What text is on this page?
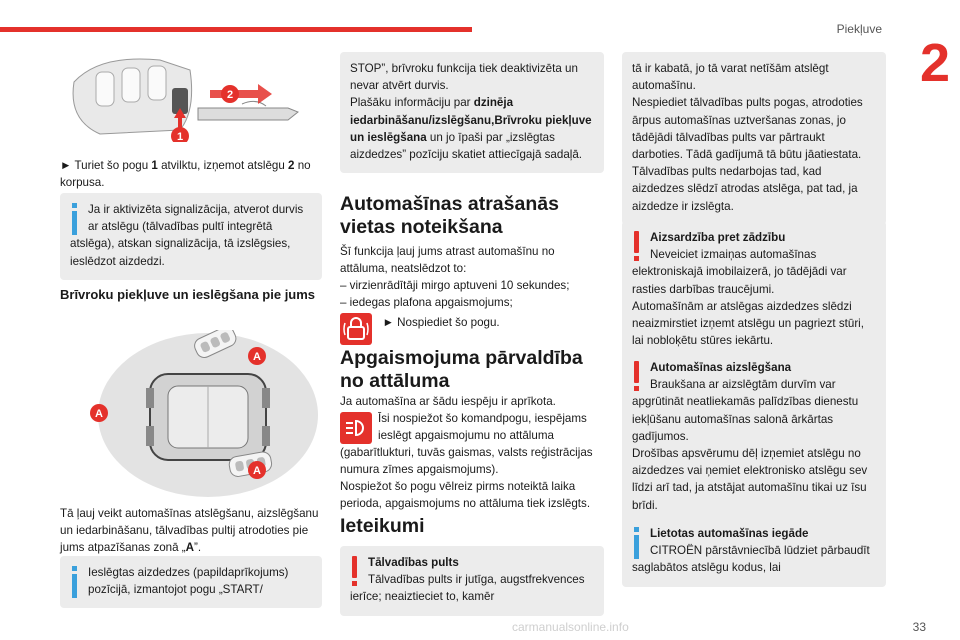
Piekļuve
2
33
carmanualsonline.info
2
1

► Turiet šo pogu 1 atvilktu, izņemot atslēgu 2 no korpusa.

Ja ir aktivizēta signalizācija, atverot durvis ar atslēgu (tālvadības pultī integrētā atslēga), atskan signalizācija, tā izslēgsies, ieslēdzot aizdedzi.

Brīvroku piekļuve un ieslēgšana pie jums
A
A
A

Tā ļauj veikt automašīnas atslēgšanu, aizslēgšanu un iedarbināšanu, tālvadības pultij atrodoties pie jums atpazīšanas zonā „A”.

Ieslēgtas aizdedzes (papildaprīkojums) pozīcijā, izmantojot pogu „START/

STOP”, brīvroku funkcija tiek deaktivizēta un nevar atvērt durvis.
Plašāku informāciju par dzinēja iedarbināšanu/izslēgšanu,Brīvroku piekļuve un ieslēgšana un jo īpaši par „izslēgtas aizdedzes” pozīciju skatiet attiecīgajā sadaļā.

Automašīnas atrašanās vietas noteikšana

Šī funkcija ļauj jums atrast automašīnu no attāluma, neatslēdzot to:

– virzienrādītāji mirgo aptuveni 10 sekundes;

– iedegas plafona apgaismojums;

► Nospiediet šo pogu.
Apgaismojuma pārvaldība no attāluma

Ja automašīna ar šādu iespēju ir aprīkota.

Īsi nospiežot šo komandpogu, iespējams ieslēgt apgaismojumu no attāluma (gabarītlukturi, tuvās gaismas, valsts reģistrācijas numura zīmes apgaismojums).

Nospiežot šo pogu vēlreiz pirms noteiktā laika perioda, apgaismojums no attāluma tiek izslēgts.

Ieteikumi

Tālvadības pults

Tālvadības pults ir jutīga, augstfrekvences ierīce; neaiztieciet to, kamēr

tā ir kabatā, jo tā varat netīšām atslēgt automašīnu.
Nespiediet tālvadības pults pogas, atrodoties ārpus automašīnas uztveršanas zonas, jo tādējādi tālvadības pults var pārtraukt darboties. Tādā gadījumā tā būtu jāatiestata.
Tālvadības pults nedarbojas tad, kad aizdedzes slēdzī atrodas atslēga, pat tad, ja aizdedze ir izslēgta.

Aizsardzība pret zādzību

Neveiciet izmaiņas automašīnas elektroniskajā imobilaizerā, jo tādējādi var rasties darbības traucējumi.
Automašīnām ar atslēgas aizdedzes slēdzi neaizmirstiet izņemt atslēgu un pagriezt stūri, lai nobloķētu stūres iekārtu.

Automašīnas aizslēgšana

Braukšana ar aizslēgtām durvīm var apgrūtināt neatliekamās palīdzības dienestu iekļūšanu automašīnas salonā ārkārtas gadījumos.
Drošības apsvērumu dēļ izņemiet atslēgu no aizdedzes vai ņemiet elektronisko atslēgu sev līdzi arī tad, ja atstājat automašīnu tikai uz īsu brīdi.

Lietotas automašīnas iegāde

CITROËN pārstāvniecībā lūdziet pārbaudīt saglabātos atslēgu kodus, lai
